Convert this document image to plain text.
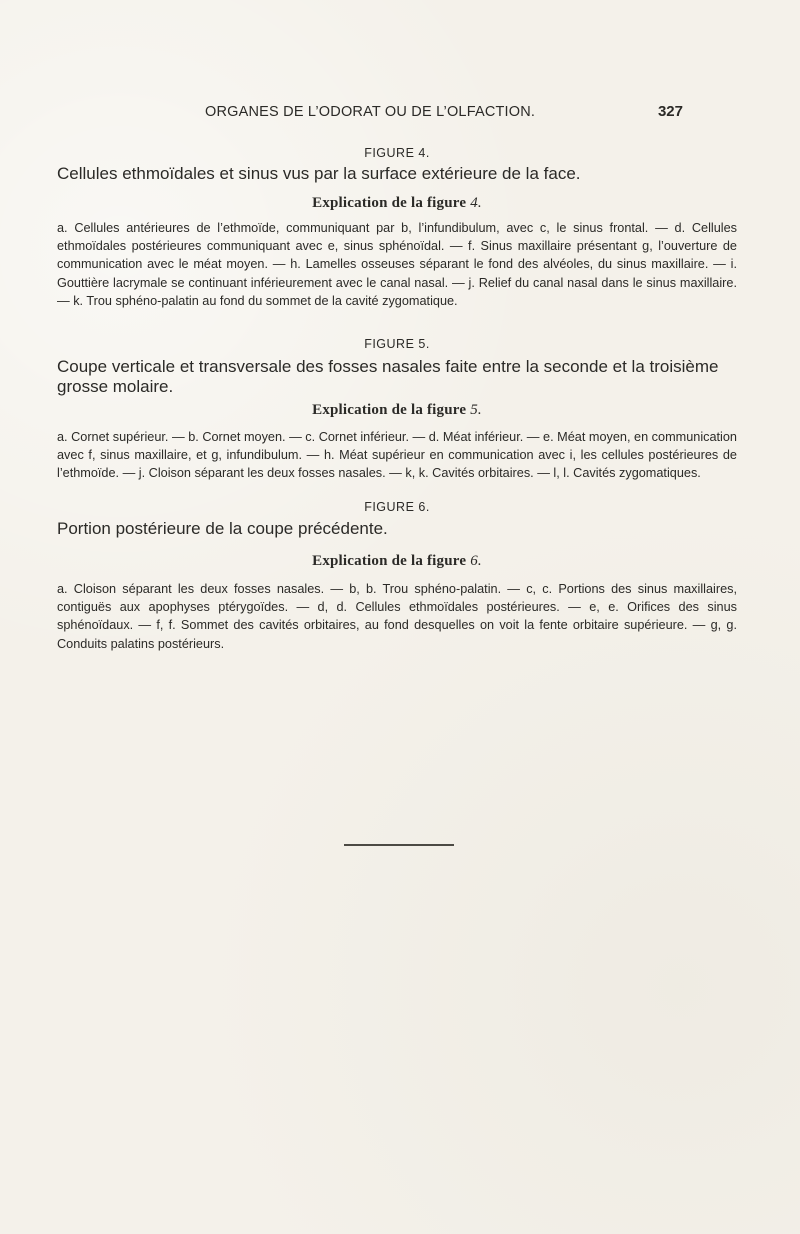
ORGANES DE L’ODORAT OU DE L’OLFACTION.	327

FIGURE 4.

Cellules ethmoïdales et sinus vus par la surface extérieure de la face.

Explication de la figure 4.

a. Cellules antérieures de l’ethmoïde, communiquant par b, l’infundibulum, avec c, le sinus frontal. — d. Cellules ethmoïdales postérieures communiquant avec e, sinus sphénoïdal. — f. Sinus maxillaire présentant g, l’ouverture de communication avec le méat moyen. — h. Lamelles osseuses séparant le fond des alvéoles, du sinus maxillaire. — i. Gouttière lacrymale se continuant inférieurement avec le canal nasal. — j. Relief du canal nasal dans le sinus maxillaire. — k. Trou sphéno-palatin au fond du sommet de la cavité zygomatique.

FIGURE 5.

Coupe verticale et transversale des fosses nasales faite entre la seconde et la troisième grosse molaire.

Explication de la figure 5.

a. Cornet supérieur. — b. Cornet moyen. — c. Cornet inférieur. — d. Méat inférieur. — e. Méat moyen, en communication avec f, sinus maxillaire, et g, infundibulum. — h. Méat supérieur en communication avec i, les cellules postérieures de l’ethmoïde. — j. Cloison séparant les deux fosses nasales. — k, k. Cavités orbitaires. — l, l. Cavités zygomatiques.

FIGURE 6.

Portion postérieure de la coupe précédente.

Explication de la figure 6.

a. Cloison séparant les deux fosses nasales. — b, b. Trou sphéno-palatin. — c, c. Portions des sinus maxillaires, contiguës aux apophyses ptérygoïdes. — d, d. Cellules ethmoïdales postérieures. — e, e. Orifices des sinus sphénoïdaux. — f, f. Sommet des cavités orbitaires, au fond desquelles on voit la fente orbitaire supérieure. — g, g. Conduits palatins postérieurs.
